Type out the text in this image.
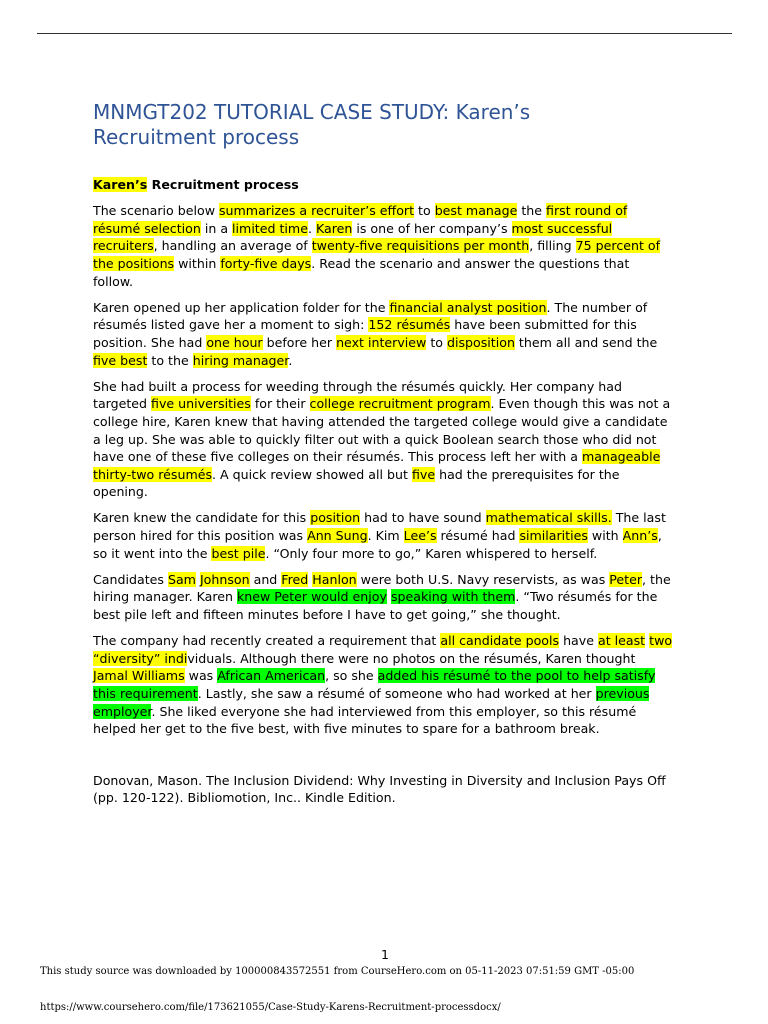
MNMGT202 TUTORIAL CASE STUDY: Karen’s Recruitment process

Karen’s Recruitment process

The scenario below summarizes a recruiter’s effort to best manage the first round of résumé selection in a limited time. Karen is one of her company’s most successful recruiters, handling an average of twenty-five requisitions per month, filling 75 percent of the positions within forty-five days. Read the scenario and answer the questions that follow.

Karen opened up her application folder for the financial analyst position. The number of résumés listed gave her a moment to sigh: 152 résumés have been submitted for this position. She had one hour before her next interview to disposition them all and send the five best to the hiring manager.

She had built a process for weeding through the résumés quickly. Her company had targeted five universities for their college recruitment program. Even though this was not a college hire, Karen knew that having attended the targeted college would give a candidate a leg up. She was able to quickly filter out with a quick Boolean search those who did not have one of these five colleges on their résumés. This process left her with a manageable thirty-two résumés. A quick review showed all but five had the prerequisites for the opening.

Karen knew the candidate for this position had to have sound mathematical skills. The last person hired for this position was Ann Sung. Kim Lee’s résumé had similarities with Ann’s, so it went into the best pile. “Only four more to go,” Karen whispered to herself.

Candidates Sam Johnson and Fred Hanlon were both U.S. Navy reservists, as was Peter, the hiring manager. Karen knew Peter would enjoy speaking with them. “Two résumés for the best pile left and fifteen minutes before I have to get going,” she thought.

The company had recently created a requirement that all candidate pools have at least two “diversity” individuals. Although there were no photos on the résumés, Karen thought Jamal Williams was African American, so she added his résumé to the pool to help satisfy this requirement. Lastly, she saw a résumé of someone who had worked at her previous employer. She liked everyone she had interviewed from this employer, so this résumé helped her get to the five best, with five minutes to spare for a bathroom break.

Donovan, Mason. The Inclusion Dividend: Why Investing in Diversity and Inclusion Pays Off (pp. 120-122). Bibliomotion, Inc.. Kindle Edition.

1
This study source was downloaded by 100000843572551 from CourseHero.com on 05-11-2023 07:51:59 GMT -05:00
https://www.coursehero.com/file/173621055/Case-Study-Karens-Recruitment-processdocx/
